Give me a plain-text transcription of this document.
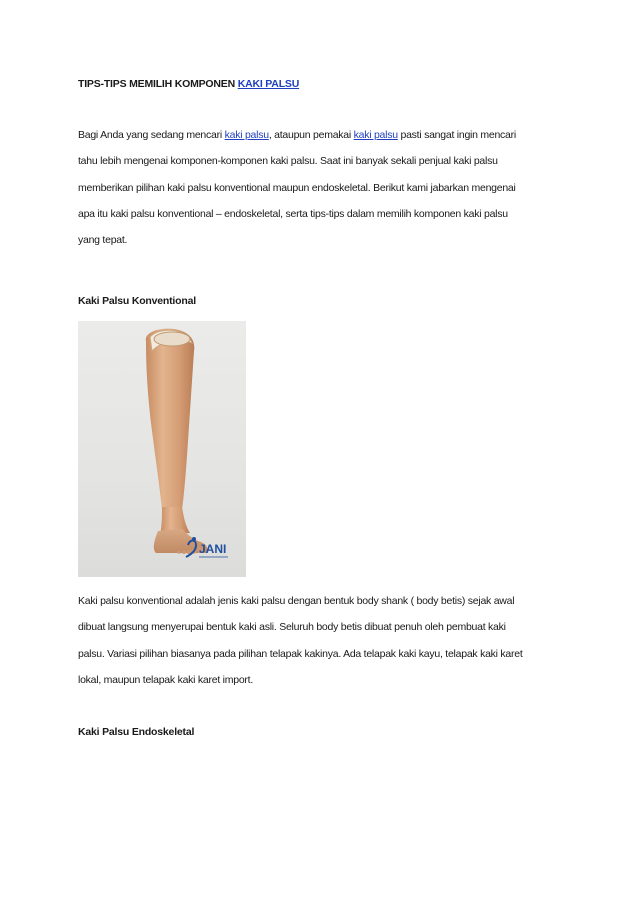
TIPS-TIPS MEMILIH KOMPONEN KAKI PALSU
Bagi Anda yang sedang mencari kaki palsu, ataupun pemakai kaki palsu pasti sangat ingin mencari
tahu lebih mengenai komponen-komponen kaki palsu. Saat ini banyak sekali penjual kaki palsu
memberikan pilihan kaki palsu konventional maupun endoskeletal. Berikut kami jabarkan mengenai
apa itu kaki palsu konventional – endoskeletal, serta tips-tips dalam memilih komponen kaki palsu
yang tepat.
Kaki Palsu Konventional
JANI
Kaki palsu konventional adalah jenis kaki palsu dengan bentuk body shank ( body betis) sejak awal
dibuat langsung menyerupai bentuk kaki asli. Seluruh body betis dibuat penuh oleh pembuat kaki
palsu. Variasi pilihan biasanya pada pilihan telapak kakinya. Ada telapak kaki kayu, telapak kaki karet
lokal, maupun telapak kaki karet import.
Kaki Palsu Endoskeletal
